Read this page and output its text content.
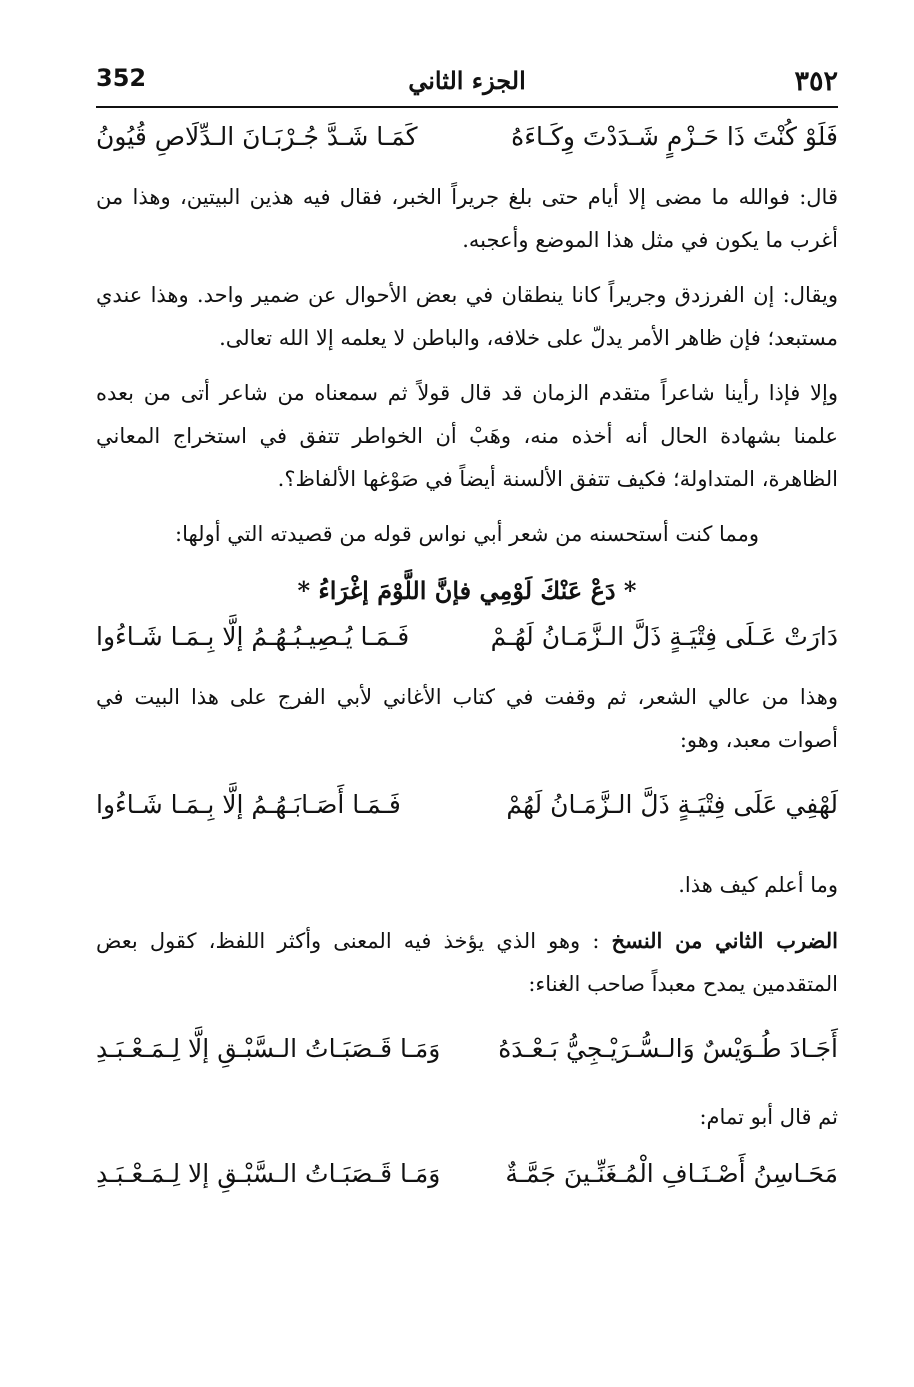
٣٥٢
الجزء الثاني
352
فَلَوْ كُنْتَ ذَا حَـزْمٍ شَـدَدْتَ وِكَـاءَهُ
كَمَـا شَـدَّ جُـرْبَـانَ الـدِّلَاصِ قُيُونُ

قال: فوالله ما مضى إلا أيام حتى بلغ جريراً الخبر، فقال فيه هذين البيتين، وهذا من أغرب ما يكون في مثل هذا الموضع وأعجبه.

ويقال: إن الفرزدق وجريراً كانا ينطقان في بعض الأحوال عن ضمير واحد. وهذا عندي مستبعد؛ فإن ظاهر الأمر يدلّ على خلافه، والباطن لا يعلمه إلا الله تعالى.

وإلا فإذا رأينا شاعراً متقدم الزمان قد قال قولاً ثم سمعناه من شاعر أتى من بعده علمنا بشهادة الحال أنه أخذه منه، وهَبْ أن الخواطر تتفق في استخراج المعاني الظاهرة، المتداولة؛ فكيف تتفق الألسنة أيضاً في صَوْغها الألفاظ؟.

ومما كنت أستحسنه من شعر أبي نواس قوله من قصيدته التي أولها:

* دَعْ عَنْكَ لَوْمِي فإنَّ اللَّوْمَ إغْرَاءُ *
دَارَتْ عَـلَى فِتْيَـةٍ ذَلَّ الـزَّمَـانُ لَهُـمْ
فَـمَـا يُـصِيـبُـهُـمُ إلَّا بِـمَـا شَـاءُوا

وهذا من عالي الشعر، ثم وقفت في كتاب الأغاني لأبي الفرج على هذا البيت في أصوات معبد، وهو:

لَهْفِي عَلَى فِتْيَـةٍ ذَلَّ الـزَّمَـانُ لَهُمْ
فَـمَـا أَصَـابَـهُـمُ إلَّا بِـمَـا شَـاءُوا

وما أعلم كيف هذا.

الضرب الثاني من النسخ : وهو الذي يؤخذ فيه المعنى وأكثر اللفظ، كقول بعض المتقدمين يمدح معبداً صاحب الغناء:

أَجَـادَ طُـوَيْسٌ وَالـسُّـرَيْـجِيُّ بَـعْـدَهُ
وَمَـا قَـصَبَـاتُ الـسَّبْـقِ إلَّا لِـمَـعْـبَـدِ

ثم قال أبو تمام:

مَحَـاسِنُ أَصْـنَـافِ الْمُـغَنِّـينَ جَمَّـةٌ
وَمَـا قَـصَبَـاتُ الـسَّبْـقِ إلا لِـمَـعْـبَـدِ
